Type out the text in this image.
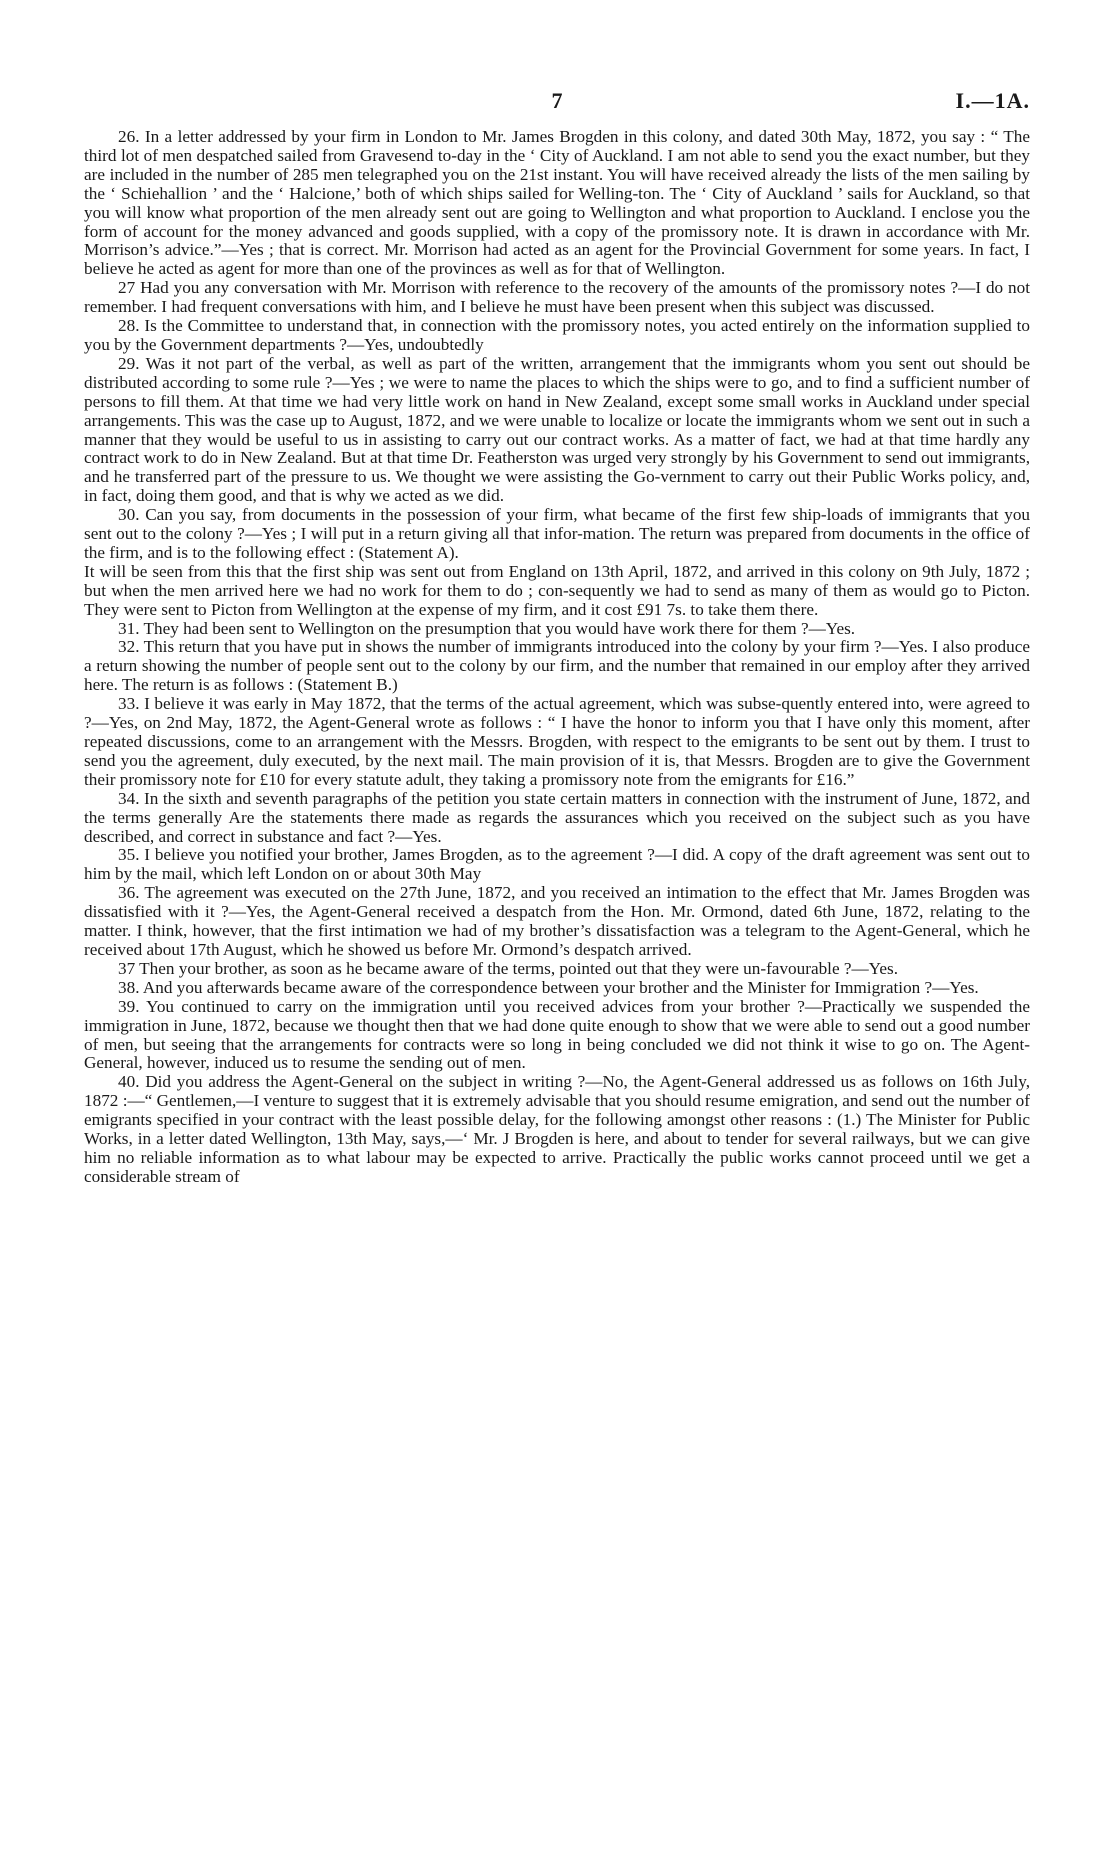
7	I.—1A.

26. In a letter addressed by your firm in London to Mr. James Brogden in this colony, and dated 30th May, 1872, you say : “ The third lot of men despatched sailed from Gravesend to-day in the ‘ City of Auckland. I am not able to send you the exact number, but they are included in the number of 285 men telegraphed you on the 21st instant. You will have received already the lists of the men sailing by the ‘ Schiehallion ’ and the ‘ Halcione,’ both of which ships sailed for Welling-ton. The ‘ City of Auckland ’ sails for Auckland, so that you will know what proportion of the men already sent out are going to Wellington and what proportion to Auckland. I enclose you the form of account for the money advanced and goods supplied, with a copy of the promissory note. It is drawn in accordance with Mr. Morrison’s advice.”—Yes ; that is correct. Mr. Morrison had acted as an agent for the Provincial Government for some years. In fact, I believe he acted as agent for more than one of the provinces as well as for that of Wellington.

27 Had you any conversation with Mr. Morrison with reference to the recovery of the amounts of the promissory notes ?—I do not remember. I had frequent conversations with him, and I believe he must have been present when this subject was discussed.

28. Is the Committee to understand that, in connection with the promissory notes, you acted entirely on the information supplied to you by the Government departments ?—Yes, undoubtedly

29. Was it not part of the verbal, as well as part of the written, arrangement that the immigrants whom you sent out should be distributed according to some rule ?—Yes ; we were to name the places to which the ships were to go, and to find a sufficient number of persons to fill them. At that time we had very little work on hand in New Zealand, except some small works in Auckland under special arrangements. This was the case up to August, 1872, and we were unable to localize or locate the immigrants whom we sent out in such a manner that they would be useful to us in assisting to carry out our contract works. As a matter of fact, we had at that time hardly any contract work to do in New Zealand. But at that time Dr. Featherston was urged very strongly by his Government to send out immigrants, and he transferred part of the pressure to us. We thought we were assisting the Go-vernment to carry out their Public Works policy, and, in fact, doing them good, and that is why we acted as we did.

30. Can you say, from documents in the possession of your firm, what became of the first few ship-loads of immigrants that you sent out to the colony ?—Yes ; I will put in a return giving all that infor-mation. The return was prepared from documents in the office of the firm, and is to the following effect : (Statement A).

It will be seen from this that the first ship was sent out from England on 13th April, 1872, and arrived in this colony on 9th July, 1872 ; but when the men arrived here we had no work for them to do ; con-sequently we had to send as many of them as would go to Picton. They were sent to Picton from Wellington at the expense of my firm, and it cost £91 7s. to take them there.

31. They had been sent to Wellington on the presumption that you would have work there for them ?—Yes.

32. This return that you have put in shows the number of immigrants introduced into the colony by your firm ?—Yes. I also produce a return showing the number of people sent out to the colony by our firm, and the number that remained in our employ after they arrived here. The return is as follows : (Statement B.)

33. I believe it was early in May 1872, that the terms of the actual agreement, which was subse-quently entered into, were agreed to ?—Yes, on 2nd May, 1872, the Agent-General wrote as follows : “ I have the honor to inform you that I have only this moment, after repeated discussions, come to an arrangement with the Messrs. Brogden, with respect to the emigrants to be sent out by them. I trust to send you the agreement, duly executed, by the next mail. The main provision of it is, that Messrs. Brogden are to give the Government their promissory note for £10 for every statute adult, they taking a promissory note from the emigrants for £16.”

34. In the sixth and seventh paragraphs of the petition you state certain matters in connection with the instrument of June, 1872, and the terms generally Are the statements there made as regards the assurances which you received on the subject such as you have described, and correct in substance and fact ?—Yes.

35. I believe you notified your brother, James Brogden, as to the agreement ?—I did. A copy of the draft agreement was sent out to him by the mail, which left London on or about 30th May

36. The agreement was executed on the 27th June, 1872, and you received an intimation to the effect that Mr. James Brogden was dissatisfied with it ?—Yes, the Agent-General received a despatch from the Hon. Mr. Ormond, dated 6th June, 1872, relating to the matter. I think, however, that the first intimation we had of my brother’s dissatisfaction was a telegram to the Agent-General, which he received about 17th August, which he showed us before Mr. Ormond’s despatch arrived.

37 Then your brother, as soon as he became aware of the terms, pointed out that they were un-favourable ?—Yes.

38. And you afterwards became aware of the correspondence between your brother and the Minister for Immigration ?—Yes.

39. You continued to carry on the immigration until you received advices from your brother ?—Practically we suspended the immigration in June, 1872, because we thought then that we had done quite enough to show that we were able to send out a good number of men, but seeing that the arrangements for contracts were so long in being concluded we did not think it wise to go on. The Agent-General, however, induced us to resume the sending out of men.

40. Did you address the Agent-General on the subject in writing ?—No, the Agent-General addressed us as follows on 16th July, 1872 :—“ Gentlemen,—I venture to suggest that it is extremely advisable that you should resume emigration, and send out the number of emigrants specified in your contract with the least possible delay, for the following amongst other reasons : (1.) The Minister for Public Works, in a letter dated Wellington, 13th May, says,—‘ Mr. J Brogden is here, and about to tender for several railways, but we can give him no reliable information as to what labour may be expected to arrive. Practically the public works cannot proceed until we get a considerable stream of
